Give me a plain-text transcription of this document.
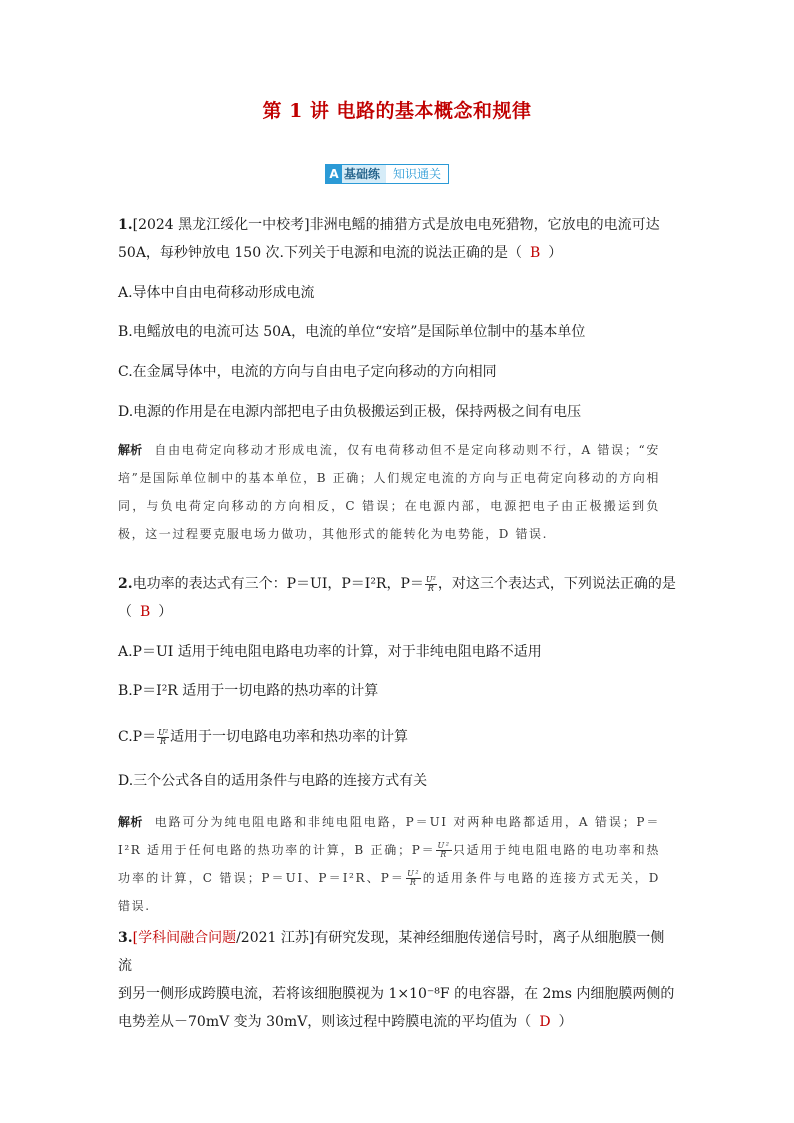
第 1 讲 电路的基本概念和规律
A 基础练	知识通关
1.[2024 黑龙江绥化一中校考]非洲电鳐的捕猎方式是放电电死猎物，它放电的电流可达
50A，每秒钟放电 150 次.下列关于电源和电流的说法正确的是（ B ）
A.导体中自由电荷移动形成电流
B.电鳐放电的电流可达 50A，电流的单位“安培”是国际单位制中的基本单位
C.在金属导体中，电流的方向与自由电子定向移动的方向相同
D.电源的作用是在电源内部把电子由负极搬运到正极，保持两极之间有电压
解析 自由电荷定向移动才形成电流，仅有电荷移动但不是定向移动则不行，A 错误；“安培”是国际单位制中的基本单位，B 正确；人们规定电流的方向与正电荷定向移动的方向相同，与负电荷定向移动的方向相反，C 错误；在电源内部，电源把电子由正极搬运到负极，这一过程要克服电场力做功，其他形式的能转化为电势能，D 错误.
2.电功率的表达式有三个：P＝UI，P＝I²R，$P= \frac{\text{U²}}{R}$ ，对这三个表达式，下列说法正确的是
（ B ）
A.P＝UI 适用于纯电阻电路电功率的计算，对于非纯电阻电路不适用
B.P＝I²R 适用于一切电路的热功率的计算
$C.P= \frac{\text{U²}}{R}$ 适用于一切电路电功率和热功率的计算
D.三个公式各自的适用条件与电路的连接方式有关
解析 电路可分为纯电阻电路和非纯电阻电路，P＝UI 对两种电路都适用，A 错误；P＝I²R 适用于任何电路的热功率的计算，B 正确；$P= \frac{\text{U²}}{R}$ 只适用于纯电阻电路的电功率和热功率的计算，C 错误；P＝UI、P＝I²R、$P= \frac{\text{U²}}{R}$ 的适用条件与电路的连接方式无关，D 错误.
3.[学科间融合问题/2021 江苏]有研究发现，某神经细胞传递信号时，离子从细胞膜一侧流
到另一侧形成跨膜电流，若将该细胞膜视为 1×10⁻⁸F 的电容器，在 2ms 内细胞膜两侧的
电势差从－70mV 变为 30mV，则该过程中跨膜电流的平均值为（ D ）
